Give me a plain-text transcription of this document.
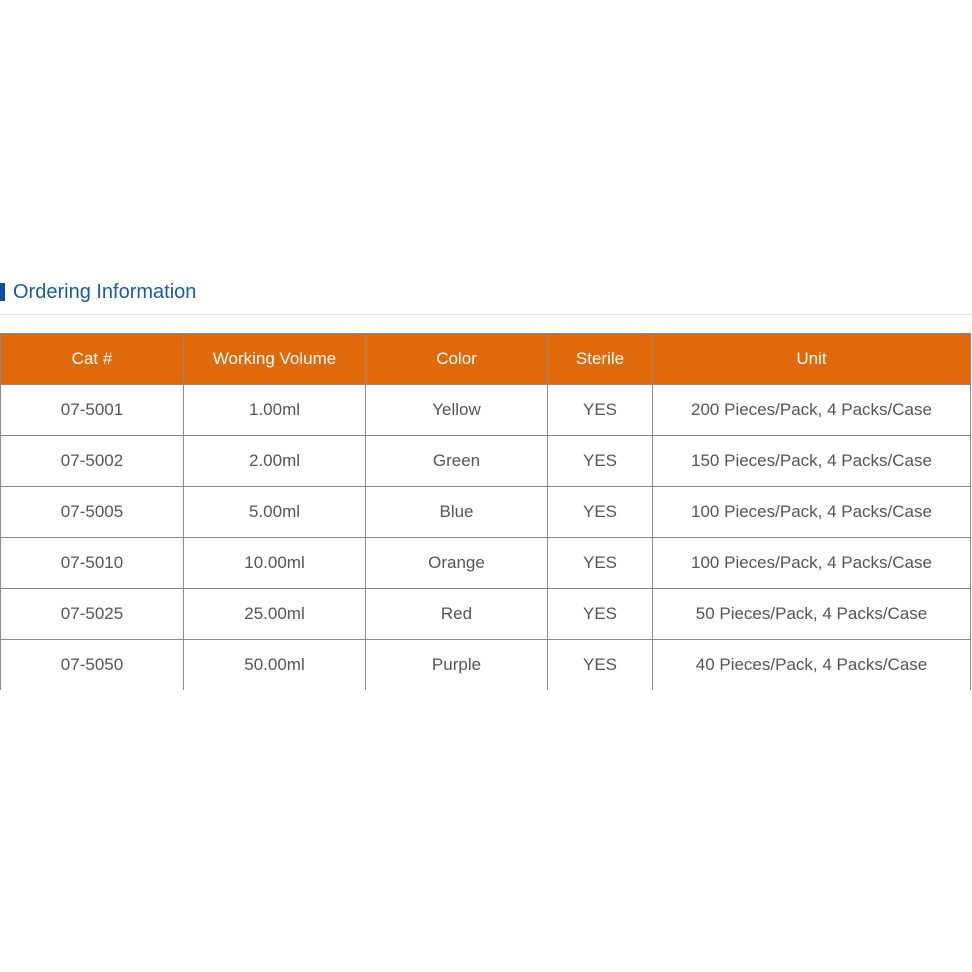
Ordering Information
Cat #	Working Volume	Color	Sterile	Unit
07-5001	1.00ml	Yellow	YES	200 Pieces/Pack, 4 Packs/Case
07-5002	2.00ml	Green	YES	150 Pieces/Pack, 4 Packs/Case
07-5005	5.00ml	Blue	YES	100 Pieces/Pack, 4 Packs/Case
07-5010	10.00ml	Orange	YES	100 Pieces/Pack, 4 Packs/Case
07-5025	25.00ml	Red	YES	50 Pieces/Pack, 4 Packs/Case
07-5050	50.00ml	Purple	YES	40 Pieces/Pack, 4 Packs/Case
